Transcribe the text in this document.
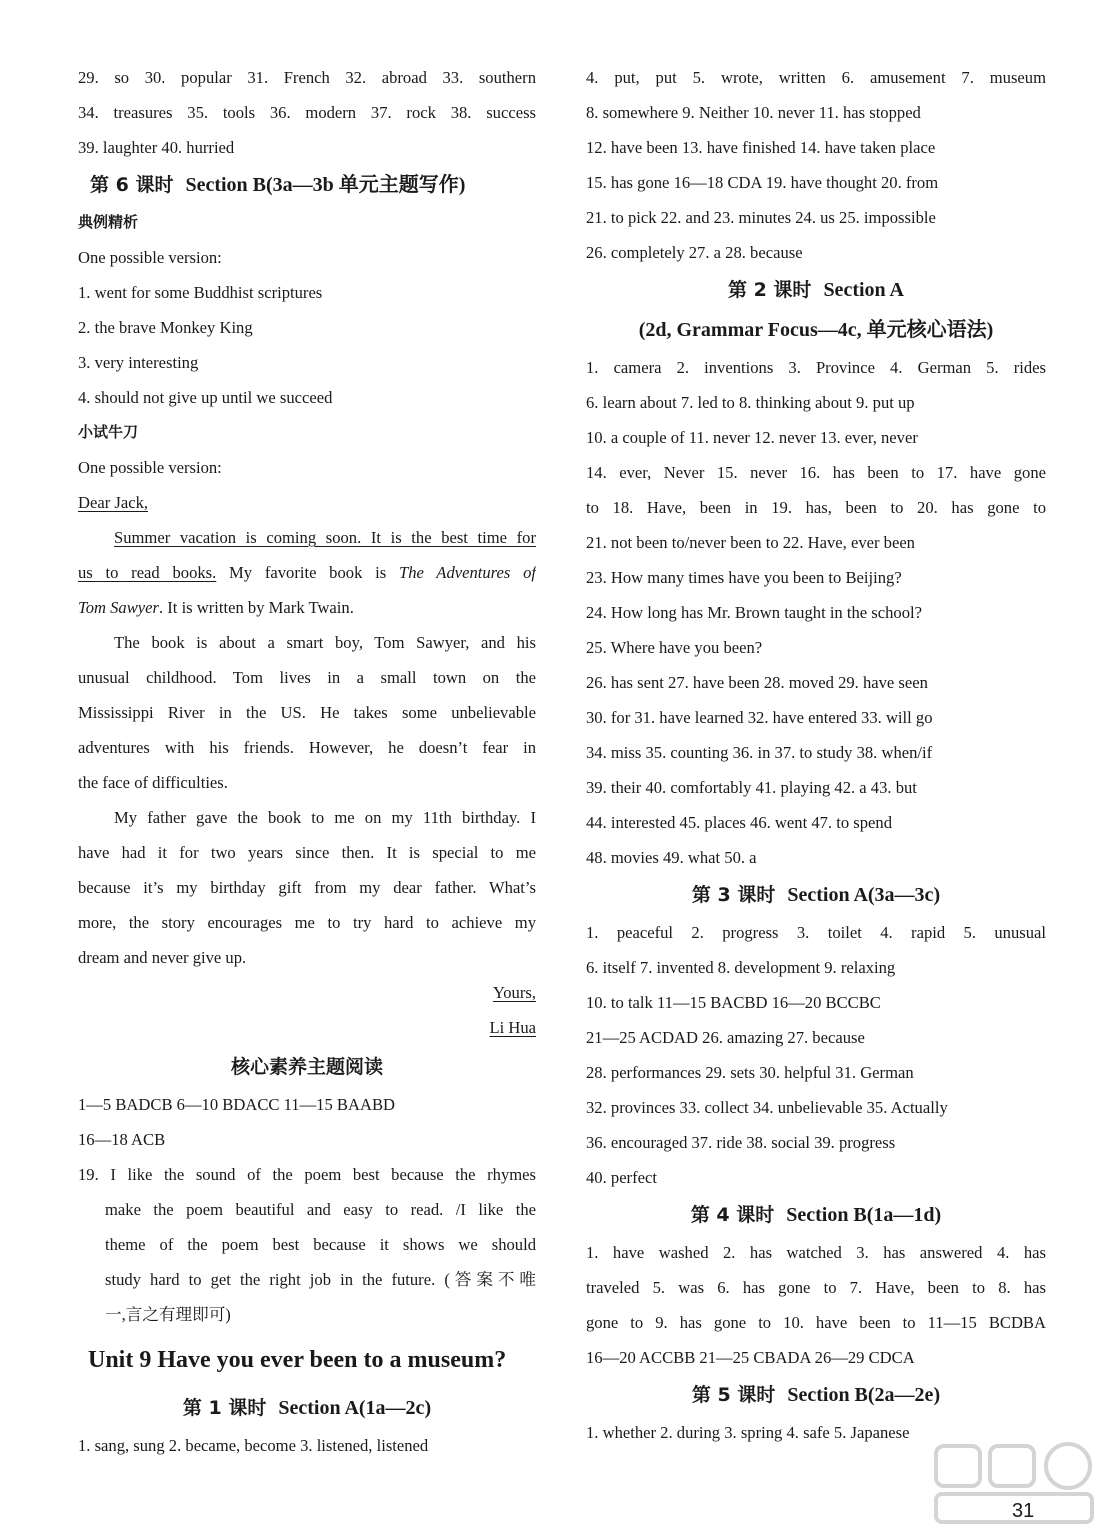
29. so 30. popular 31. French 32. abroad 33. southern
34. treasures 35. tools 36. modern 37. rock 38. success
39. laughter 40. hurried
第 6 课时 Section B(3a—3b 单元主题写作)
典例精析
One possible version:
1. went for some Buddhist scriptures
2. the brave Monkey King
3. very interesting
4. should not give up until we succeed
小试牛刀
One possible version:
Dear Jack,
Summer vacation is coming soon. It is the best time for
us to read books. My favorite book is The Adventures of
Tom Sawyer. It is written by Mark Twain.
The book is about a smart boy, Tom Sawyer, and his
unusual childhood. Tom lives in a small town on the
Mississippi River in the US. He takes some unbelievable
adventures with his friends. However, he doesn’t fear in
the face of difficulties.
My father gave the book to me on my 11th birthday. I
have had it for two years since then. It is special to me
because it’s my birthday gift from my dear father. What’s
more, the story encourages me to try hard to achieve my
dream and never give up.
Yours,
Li Hua
核心素养主题阅读
1—5 BADCB 6—10 BDACC 11—15 BAABD
16—18 ACB
19. I like the sound of the poem best because the rhymes
make the poem beautiful and easy to read. /I like the
theme of the poem best because it shows we should
study hard to get the right job in the future. (答案不唯
一,言之有理即可)
Unit 9 Have you ever been to a museum?
第 1 课时 Section A(1a—2c)
1. sang, sung 2. became, become 3. listened, listened
4. put, put 5. wrote, written 6. amusement 7. museum
8. somewhere 9. Neither 10. never 11. has stopped
12. have been 13. have finished 14. have taken place
15. has gone 16—18 CDA 19. have thought 20. from
21. to pick 22. and 23. minutes 24. us 25. impossible
26. completely 27. a 28. because
第 2 课时 Section A
(2d, Grammar Focus—4c, 单元核心语法)
1. camera 2. inventions 3. Province 4. German 5. rides
6. learn about 7. led to 8. thinking about 9. put up
10. a couple of 11. never 12. never 13. ever, never
14. ever, Never 15. never 16. has been to 17. have gone
to 18. Have, been in 19. has, been to 20. has gone to
21. not been to/never been to 22. Have, ever been
23. How many times have you been to Beijing?
24. How long has Mr. Brown taught in the school?
25. Where have you been?
26. has sent 27. have been 28. moved 29. have seen
30. for 31. have learned 32. have entered 33. will go
34. miss 35. counting 36. in 37. to study 38. when/if
39. their 40. comfortably 41. playing 42. a 43. but
44. interested 45. places 46. went 47. to spend
48. movies 49. what 50. a
第 3 课时 Section A(3a—3c)
1. peaceful 2. progress 3. toilet 4. rapid 5. unusual
6. itself 7. invented 8. development 9. relaxing
10. to talk 11—15 BACBD 16—20 BCCBC
21—25 ACDAD 26. amazing 27. because
28. performances 29. sets 30. helpful 31. German
32. provinces 33. collect 34. unbelievable 35. Actually
36. encouraged 37. ride 38. social 39. progress
40. perfect
第 4 课时 Section B(1a—1d)
1. have washed 2. has watched 3. has answered 4. has
traveled 5. was 6. has gone to 7. Have, been to 8. has
gone to 9. has gone to 10. have been to 11—15 BCDBA
16—20 ACCBB 21—25 CBADA 26—29 CDCA
第 5 课时 Section B(2a—2e)
1. whether 2. during 3. spring 4. safe 5. Japanese
31
